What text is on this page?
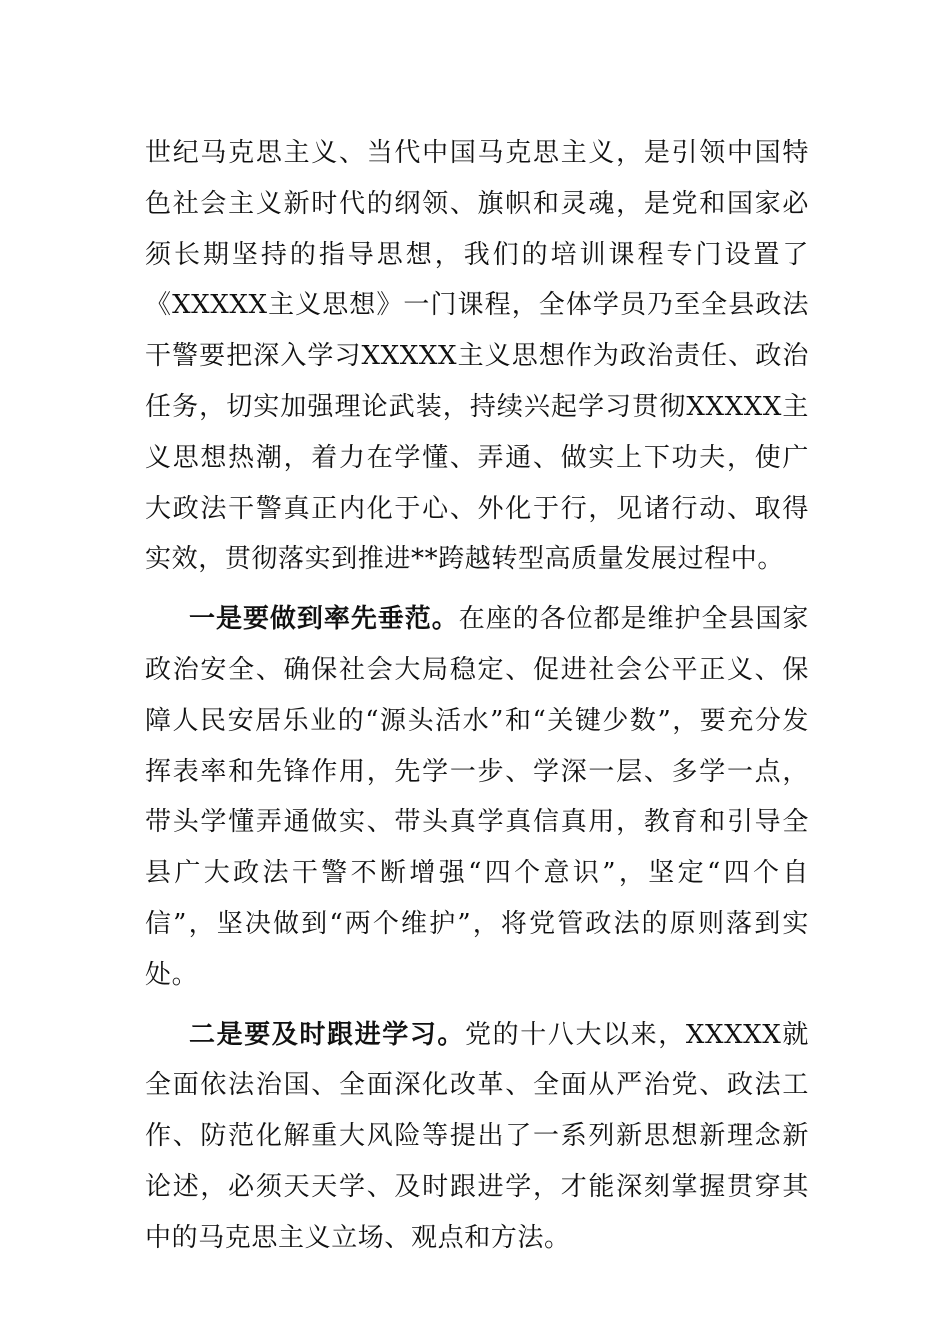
世纪马克思主义、当代中国马克思主义，是引领中国特色社会主义新时代的纲领、旗帜和灵魂，是党和国家必须长期坚持的指导思想，我们的培训课程专门设置了《XXXXX主义思想》一门课程，全体学员乃至全县政法干警要把深入学习XXXXX主义思想作为政治责任、政治任务，切实加强理论武装，持续兴起学习贯彻XXXXX主义思想热潮，着力在学懂、弄通、做实上下功夫，使广大政法干警真正内化于心、外化于行，见诸行动、取得实效，贯彻落实到推进**跨越转型高质量发展过程中。

一是要做到率先垂范。在座的各位都是维护全县国家政治安全、确保社会大局稳定、促进社会公平正义、保障人民安居乐业的“源头活水”和“关键少数”，要充分发挥表率和先锋作用，先学一步、学深一层、多学一点，带头学懂弄通做实、带头真学真信真用，教育和引导全县广大政法干警不断增强“四个意识”，坚定“四个自信”，坚决做到“两个维护”，将党管政法的原则落到实处。

二是要及时跟进学习。党的十八大以来，XXXXX就全面依法治国、全面深化改革、全面从严治党、政法工作、防范化解重大风险等提出了一系列新思想新理念新论述，必须天天学、及时跟进学，才能深刻掌握贯穿其中的马克思主义立场、观点和方法。
